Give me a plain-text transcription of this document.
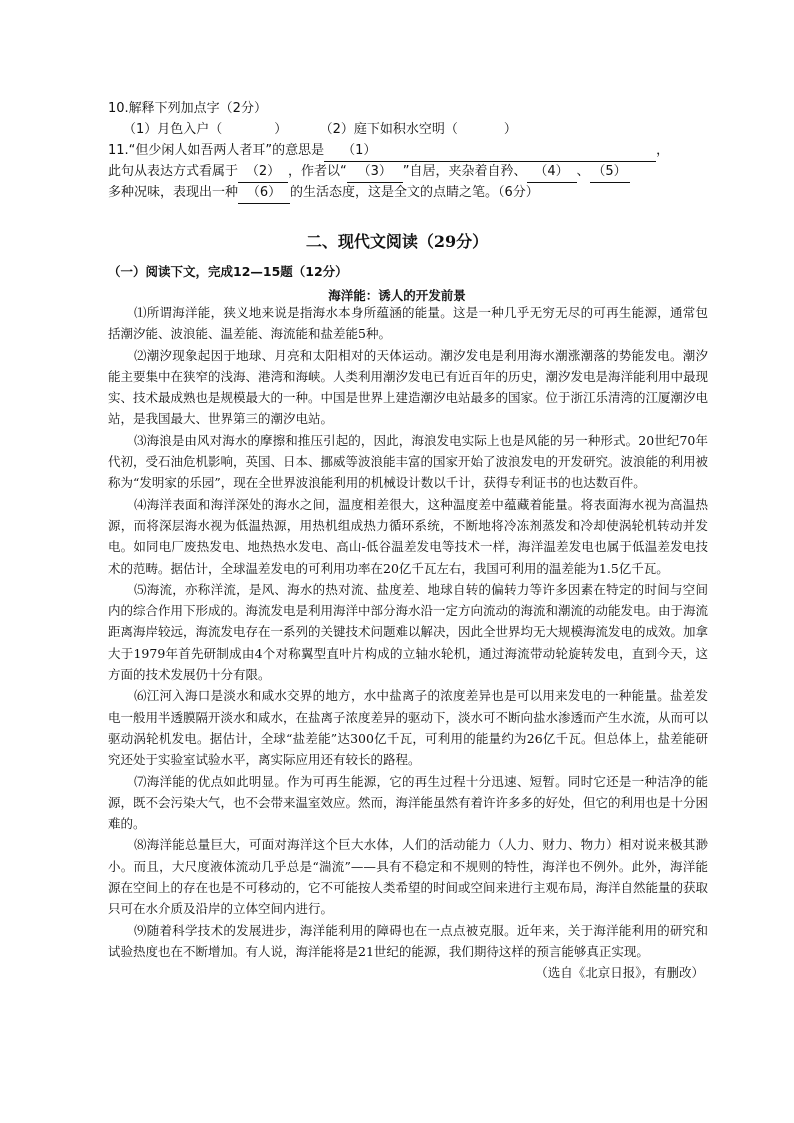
10.解释下列加点字（2分）
（1）月色入户（	） （2）庭下如积水空明（	）
11.“但少闲人如吾两人者耳”的意思是 （1）	，
此句从表达方式看属于 （2） ，作者以“ （3） ”自居，夹杂着自矜、 （4） 、 （5）
多种况味，表现出一种 （6） 的生活态度，这是全文的点睛之笔。（6分）
二、现代文阅读（29分）
（一）阅读下文，完成12—15题（12分）
海洋能：诱人的开发前景

⑴所谓海洋能，狭义地来说是指海水本身所蕴涵的能量。这是一种几乎无穷无尽的可再生能源，通常包括潮汐能、波浪能、温差能、海流能和盐差能5种。

⑵潮汐现象起因于地球、月亮和太阳相对的天体运动。潮汐发电是利用海水潮涨潮落的势能发电。潮汐能主要集中在狭窄的浅海、港湾和海峡。人类利用潮汐发电已有近百年的历史，潮汐发电是海洋能利用中最现实、技术最成熟也是规模最大的一种。中国是世界上建造潮汐电站最多的国家。位于浙江乐清湾的江厦潮汐电站，是我国最大、世界第三的潮汐电站。

⑶海浪是由风对海水的摩擦和推压引起的，因此，海浪发电实际上也是风能的另一种形式。20世纪70年代初，受石油危机影响，英国、日本、挪威等波浪能丰富的国家开始了波浪发电的开发研究。波浪能的利用被称为“发明家的乐园”，现在全世界波浪能利用的机械设计数以千计，获得专利证书的也达数百件。

⑷海洋表面和海洋深处的海水之间，温度相差很大，这种温度差中蕴藏着能量。将表面海水视为高温热源，而将深层海水视为低温热源，用热机组成热力循环系统，不断地将冷冻剂蒸发和冷却使涡轮机转动并发电。如同电厂废热发电、地热热水发电、高山-低谷温差发电等技术一样，海洋温差发电也属于低温差发电技术的范畴。据估计，全球温差发电的可利用功率在20亿千瓦左右，我国可利用的温差能为1.5亿千瓦。

⑸海流，亦称洋流，是风、海水的热对流、盐度差、地球自转的偏转力等许多因素在特定的时间与空间内的综合作用下形成的。海流发电是利用海洋中部分海水沿一定方向流动的海流和潮流的动能发电。由于海流距离海岸较远，海流发电存在一系列的关键技术问题难以解决，因此全世界均无大规模海流发电的成效。加拿大于1979年首先研制成由4个对称翼型直叶片构成的立轴水轮机，通过海流带动轮旋转发电，直到今天，这方面的技术发展仍十分有限。

⑹江河入海口是淡水和咸水交界的地方，水中盐离子的浓度差异也是可以用来发电的一种能量。盐差发电一般用半透膜隔开淡水和咸水，在盐离子浓度差异的驱动下，淡水可不断向盐水渗透而产生水流，从而可以驱动涡轮机发电。据估计，全球“盐差能”达300亿千瓦，可利用的能量约为26亿千瓦。但总体上，盐差能研究还处于实验室试验水平，离实际应用还有较长的路程。

⑺海洋能的优点如此明显。作为可再生能源，它的再生过程十分迅速、短暂。同时它还是一种洁净的能源，既不会污染大气，也不会带来温室效应。然而，海洋能虽然有着许许多多的好处，但它的利用也是十分困难的。

⑻海洋能总量巨大，可面对海洋这个巨大水体，人们的活动能力（人力、财力、物力）相对说来极其渺小。而且，大尺度液体流动几乎总是“湍流”——具有不稳定和不规则的特性，海洋也不例外。此外，海洋能源在空间上的存在也是不可移动的，它不可能按人类希望的时间或空间来进行主观布局，海洋自然能量的获取只可在水介质及沿岸的立体空间内进行。

⑼随着科学技术的发展进步，海洋能利用的障碍也在一点点被克服。近年来，关于海洋能利用的研究和试验热度也在不断增加。有人说，海洋能将是21世纪的能源，我们期待这样的预言能够真正实现。

（选自《北京日报》，有删改）
